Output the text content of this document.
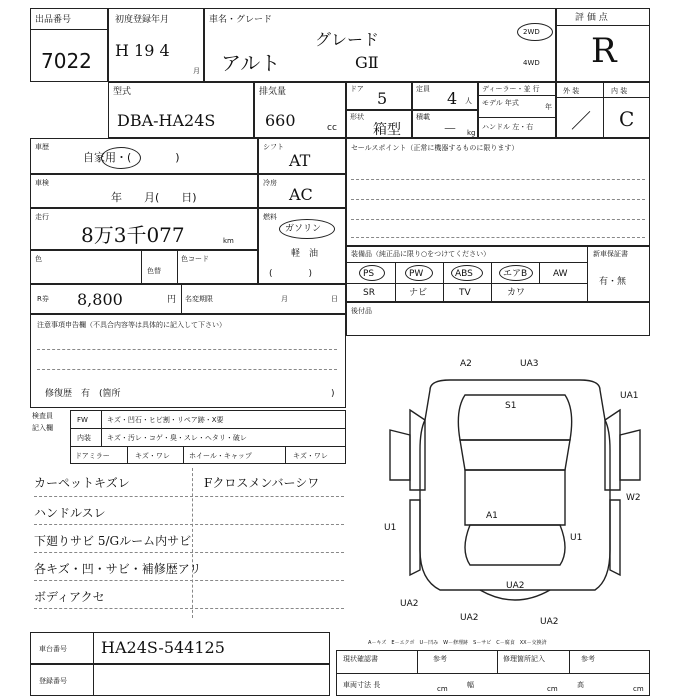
出品番号
7022
初度登録年月
H 19 4
月
車名・グレード
アルト
グレード
GⅡ
2WD
4WD
評 価 点
R
型式
DBA-HA24S
排気量
660	cc
ドア 5	定員 4 人
形状
箱型
積載
－ kg
ディーラー・並 行
モデル 年式	年
ハンドル 左・右
外 装	内 装
／ C
車歴
自家用・(　　　　)
シフト
AT
車検
年　　月(　　日)
冷房
AC
走行
8万3千077	km
燃料
ガソリン
軽　油
(　　　　)
色
色替
色コード
セールスポイント（正常に機器するものに限ります）
装備品（純正品に限り○をつけてください）	新車保証書
有・無
PS	PW	ABS	エアB	AW
SR	ナビ	TV	カワ
R券 8,800	円 名変期限	月	日
後付品
注意事項申告欄（不具合内容等は具体的に記入して下さい）
修復歴　有　(箇所	)
検査員
記入欄
FW	キズ・凹石・ヒビ割・リペア跡・X要
内装 キズ・汚レ・コゲ・臭・スレ・ヘタリ・破レ
ドアミラー	キズ・ワレ	ホイール・キャップ	キズ・ワレ
カーペットキズレ
ハンドルスレ
下廻りサビ 5/Gルーム内サビ
各キズ・凹・サビ・補修歴アリ
ボディアクセ
Fクロスメンバーシワ
A2	UA3
S1
UA1
W2
U1
A1
U1
UA2
UA2
UA2	UA2
車台番号 HA24S-544125
登録番号
A－キズ　E－エクボ　U－凹み　W－修理跡　S－サビ　C－腐食　XX－交換済
現状確認書	参考	修理箇所記入	参考
車両寸法 長	cm	幅	cm	高	cm
